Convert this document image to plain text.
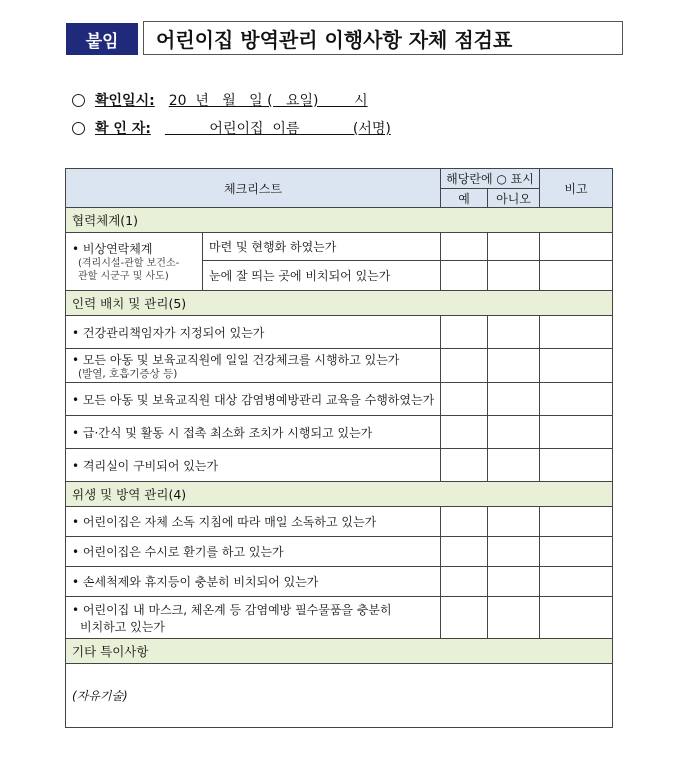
붙임	어린이집 방역관리 이행사항 자체 점검표
확인일시: 20  년   월   일 (   요일)        시
확 인 자: 어린이집  이름            (서명)
체크리스트		해당란에 ○ 표시		비고
		예	아니오	
협력체계(1)				
• 비상연락체계
(격리시설-관할 보건소-
관할 시군구 및 사도)	마련 및 현행화 하였는가			
	눈에 잘 띄는 곳에 비치되어 있는가			
인력 배치 및 관리(5)				
• 건강관리책임자가 지정되어 있는가				
• 모든 아동 및 보육교직원에 일일 건강체크를 시행하고 있는가
(발열, 호흡기증상 등)				

• 모든 아동 및 보육교직원 대상 감염병예방관리 교육을 수행하였는가				
• 급·간식 및 활동 시 접촉 최소화 조치가 시행되고 있는가				
• 격리실이 구비되어 있는가				
위생 및 방역 관리(4)				
• 어린이집은 자체 소독 지침에 따라 매일 소독하고 있는가				
• 어린이집은 수시로 환기를 하고 있는가				
• 손세척제와 휴지등이 충분히 비치되어 있는가				
• 어린이집 내 마스크, 체온계 등 감염예방 필수물품을 충분히
비치하고 있는가				

기타 특이사항				
(자유기술)				
